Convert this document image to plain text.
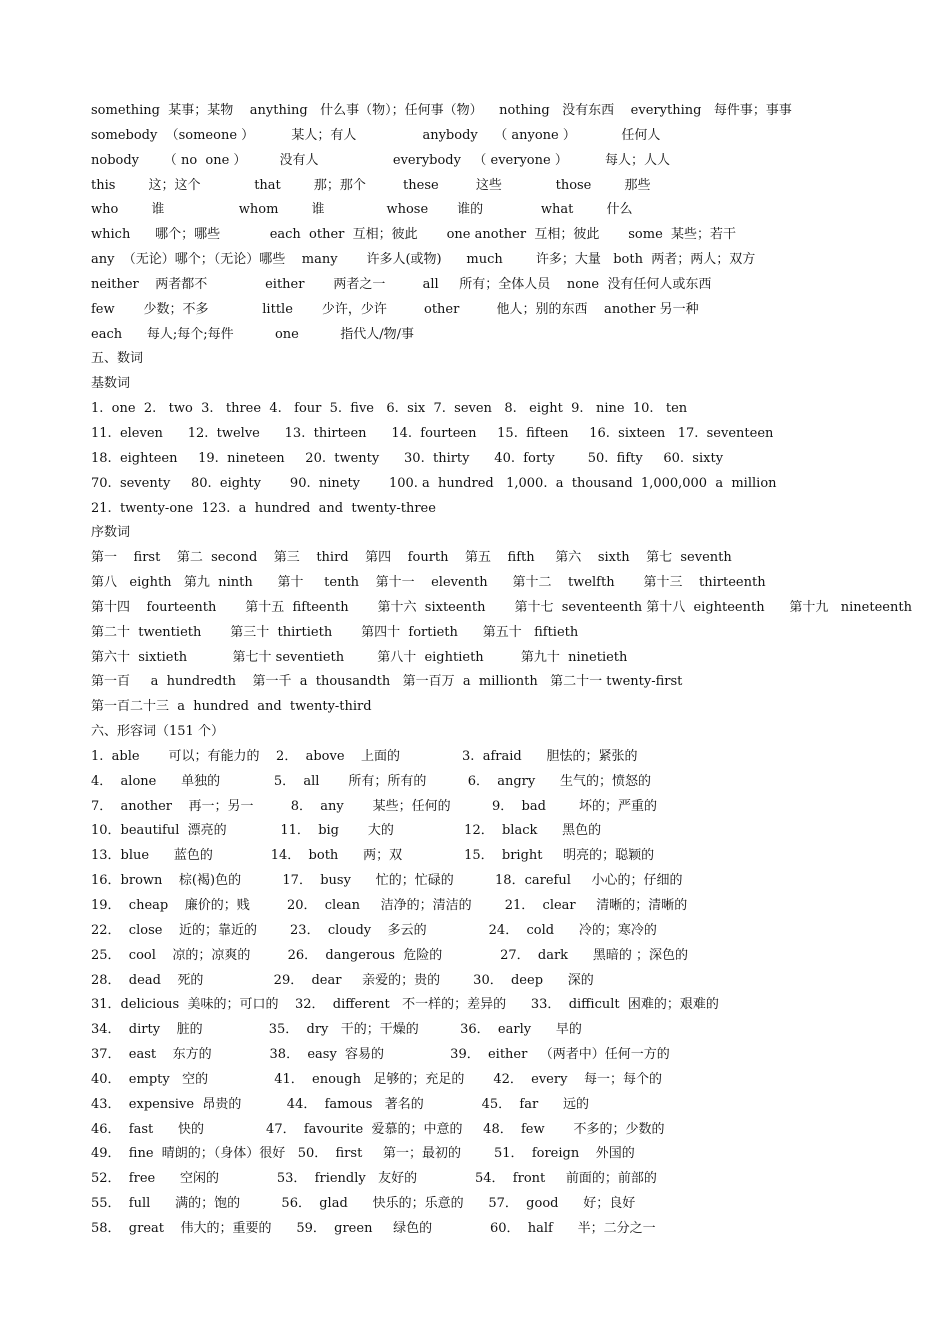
something  某事；某物    anything   什么事（物）；任何事（物）    nothing   没有东西    everything   每件事；事事
somebody  （someone ）         某人；有人                anybody    （ anyone ）           任何人
nobody      （ no  one ）        没有人                  everybody   （ everyone ）         每人；人人
this        这；这个             that        那；那个         these         这些             those        那些
who        谁                  whom        谁               whose       谁的              what        什么
which      哪个；哪些            each  other  互相；彼此       one another  互相；彼此       some  某些；若干
any  （无论）哪个；（无论）哪些    many       许多人(或物)      much        许多；大量   both  两者；两人；双方
neither    两者都不              either       两者之一         all     所有；全体人员    none  没有任何人或东西
few       少数；不多             little       少许，少许         other         他人；别的东西    another 另一种
each      每人;每个;每件          one          指代人/物/事
五、数词
基数词
1.  one  2.   two  3.   three  4.   four  5.  five   6.  six  7.  seven   8.   eight  9.   nine  10.   ten
11.  eleven      12.  twelve      13.  thirteen      14.  fourteen     15.  fifteen     16.  sixteen   17.  seventeen
18.  eighteen     19.  nineteen     20.  twenty      30.  thirty      40.  forty        50.  fifty     60.  sixty
70.  seventy     80.  eighty       90.  ninety       100. a  hundred   1,000.  a  thousand  1,000,000  a  million
21.  twenty-one  123.  a  hundred  and  twenty-three
序数词
第一    first    第二  second    第三    third    第四    fourth    第五    fifth     第六    sixth    第七  seventh
第八   eighth   第九  ninth      第十     tenth    第十一    eleventh      第十二    twelfth       第十三    thirteenth
第十四    fourteenth       第十五  fifteenth       第十六  sixteenth       第十七  seventeenth 第十八  eighteenth      第十九   nineteenth
第二十  twentieth       第三十  thirtieth       第四十  fortieth      第五十   fiftieth
第六十  sixtieth           第七十 seventieth        第八十  eightieth         第九十  ninetieth
第一百     a  hundredth    第一千  a  thousandth   第一百万  a  millionth   第二十一 twenty-first
第一百二十三  a  hundred  and  twenty-third
六、形容词（151 个）
1.  able       可以；有能力的    2．  above    上面的               3.  afraid      胆怯的；紧张的
4．  alone      单独的             5．  all       所有；所有的          6．  angry      生气的；愤怒的
7．  another    再一；另一         8．  any       某些；任何的          9．  bad        坏的；严重的
10．beautiful  漂亮的             11．  big       大的                 12．  black      黑色的
13．blue      蓝色的              14．  both      两；双               15．  bright     明亮的；聪颖的
16．brown    棕(褐)色的          17．  busy      忙的；忙碌的          18．careful     小心的；仔细的
19．  cheap    廉价的；贱         20．  clean     洁净的；清洁的        21．  clear     清晰的；清晰的
22．  close    近的；靠近的        23．  cloudy    多云的               24．  cold      冷的；寒冷的
25．  cool    凉的；凉爽的         26．  dangerous  危险的              27．  dark      黑暗的 ；深色的
28．  dead    死的                 29．  dear     亲爱的；贵的        30．  deep      深的
31．delicious  美味的；可口的    32．  different   不一样的；差异的      33．  difficult  困难的；艰难的
34．  dirty    脏的                35．  dry   干的；干燥的          36．  early      早的
37．  east    东方的              38．  easy  容易的                39．  either   （两者中）任何一方的
40．  empty   空的                41．  enough   足够的；充足的       42．  every    每一；每个的
43．  expensive  昂贵的           44．  famous   著名的              45．  far      远的
46．  fast      快的               47．  favourite  爱慕的；中意的     48．  few       不多的；少数的
49．  fine  晴朗的；（身体）很好   50．  first     第一；最初的        51．  foreign    外国的
52．  free      空闲的              53．  friendly   友好的              54．  front     前面的；前部的
55．  full      满的；饱的          56．  glad      快乐的；乐意的      57．  good      好；良好
58．  great    伟大的；重要的      59．  green     绿色的              60．  half      半；二分之一
